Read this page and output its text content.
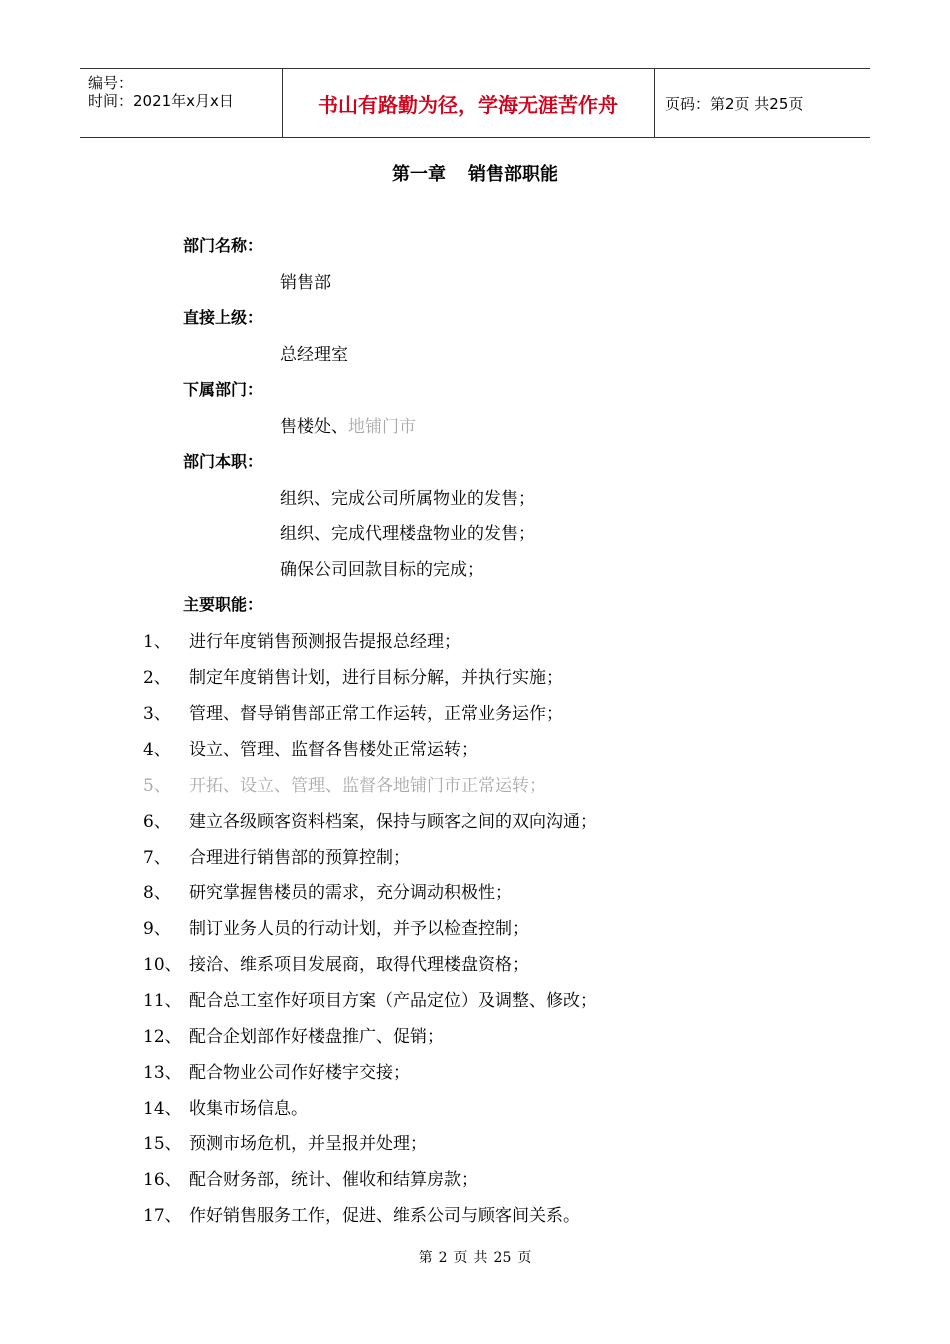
编号：
时间：2021年x月x日	书山有路勤为径，学海无涯苦作舟	页码：第2页 共25页
第一章 销售部职能
部门名称：
销售部
直接上级：
总经理室
下属部门：
售楼处、地铺门市
部门本职：
组织、完成公司所属物业的发售；
组织、完成代理楼盘物业的发售；
确保公司回款目标的完成；
主要职能：
1、 进行年度销售预测报告提报总经理；
2、 制定年度销售计划，进行目标分解，并执行实施；
3、 管理、督导销售部正常工作运转，正常业务运作；
4、 设立、管理、监督各售楼处正常运转；
5、 开拓、设立、管理、监督各地铺门市正常运转；
6、 建立各级顾客资料档案，保持与顾客之间的双向沟通；
7、 合理进行销售部的预算控制；
8、 研究掌握售楼员的需求，充分调动积极性；
9、 制订业务人员的行动计划，并予以检查控制；
10、 接洽、维系项目发展商，取得代理楼盘资格；
11、 配合总工室作好项目方案（产品定位）及调整、修改；
12、 配合企划部作好楼盘推广、促销；
13、 配合物业公司作好楼宇交接；
14、 收集市场信息。
15、 预测市场危机，并呈报并处理；
16、 配合财务部，统计、催收和结算房款；
17、 作好销售服务工作，促进、维系公司与顾客间关系。
第 2 页 共 25 页
